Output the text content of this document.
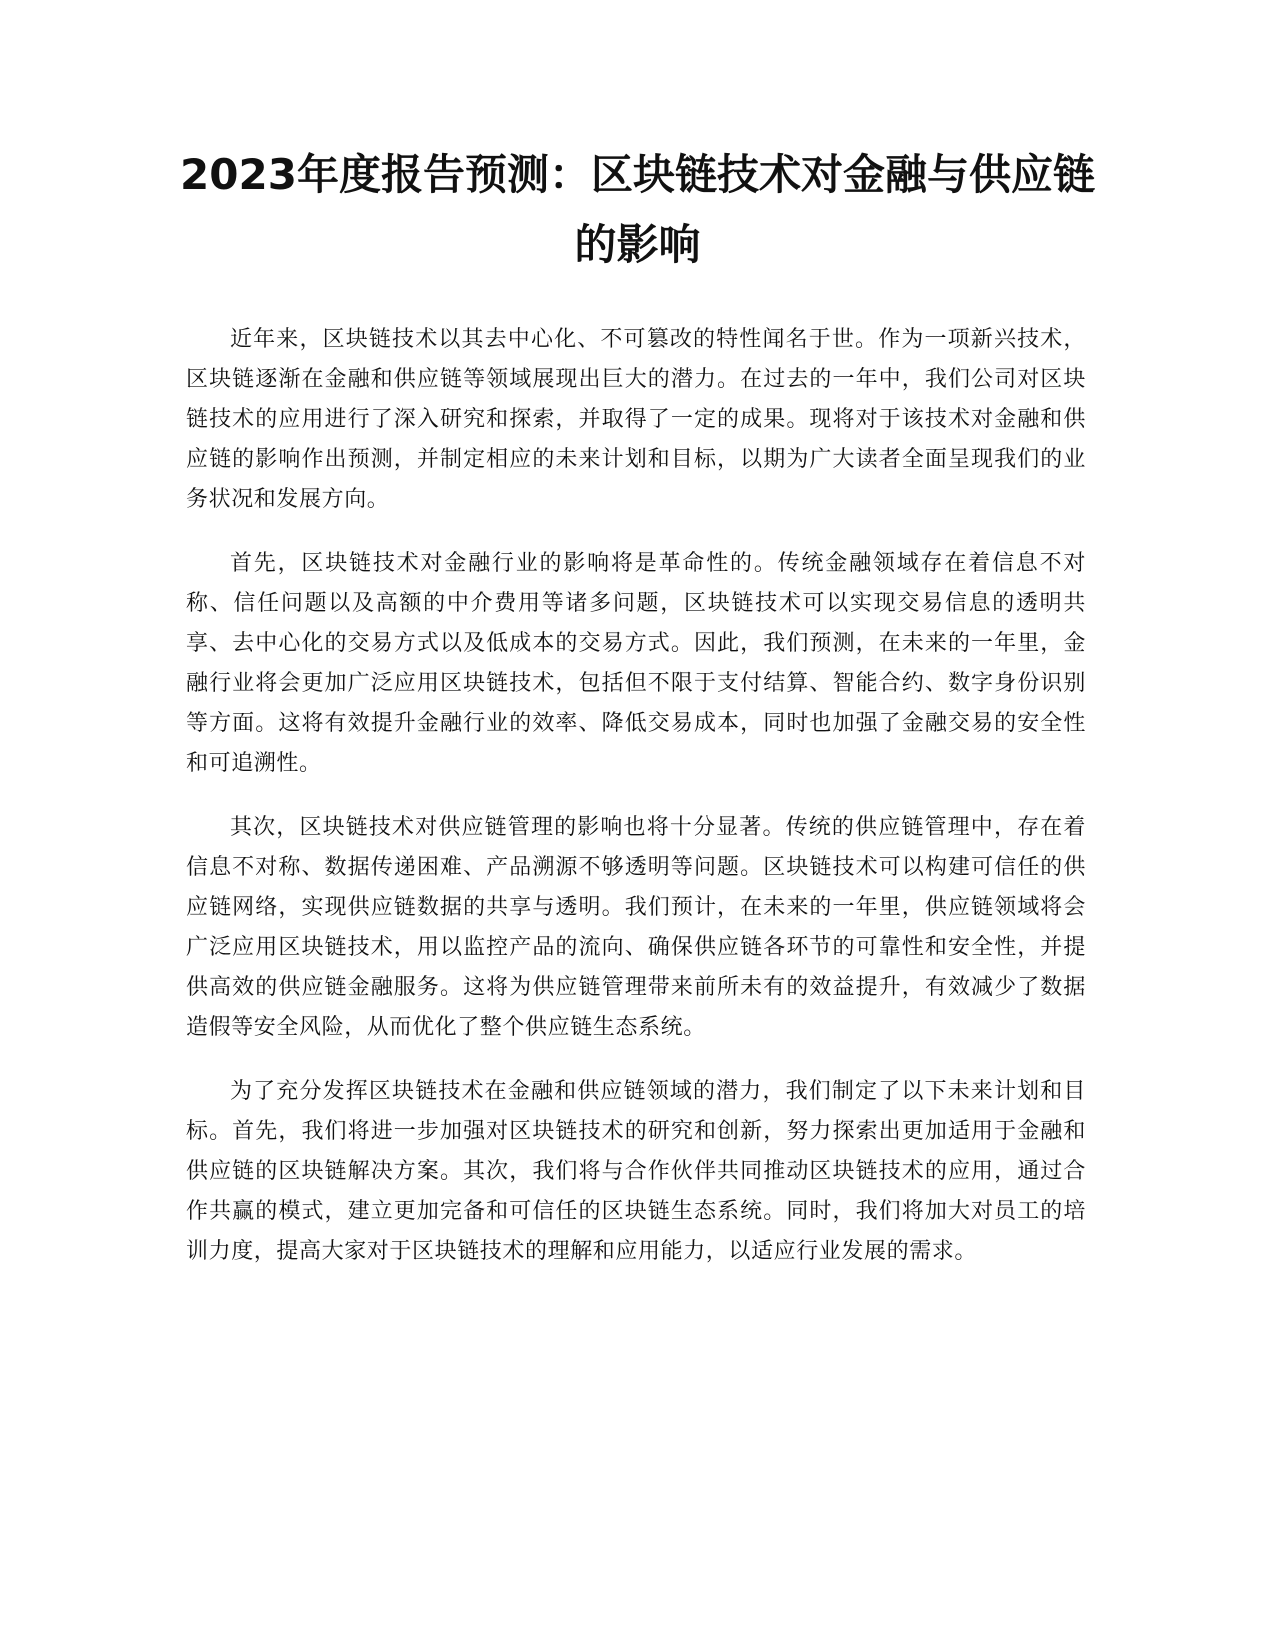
2023年度报告预测：区块链技术对金融与供应链的影响

近年来，区块链技术以其去中心化、不可篡改的特性闻名于世。作为一项新兴技术，区块链逐渐在金融和供应链等领域展现出巨大的潜力。在过去的一年中，我们公司对区块链技术的应用进行了深入研究和探索，并取得了一定的成果。现将对于该技术对金融和供应链的影响作出预测，并制定相应的未来计划和目标，以期为广大读者全面呈现我们的业务状况和发展方向。

首先，区块链技术对金融行业的影响将是革命性的。传统金融领域存在着信息不对称、信任问题以及高额的中介费用等诸多问题，区块链技术可以实现交易信息的透明共享、去中心化的交易方式以及低成本的交易方式。因此，我们预测，在未来的一年里，金融行业将会更加广泛应用区块链技术，包括但不限于支付结算、智能合约、数字身份识别等方面。这将有效提升金融行业的效率、降低交易成本，同时也加强了金融交易的安全性和可追溯性。

其次，区块链技术对供应链管理的影响也将十分显著。传统的供应链管理中，存在着信息不对称、数据传递困难、产品溯源不够透明等问题。区块链技术可以构建可信任的供应链网络，实现供应链数据的共享与透明。我们预计，在未来的一年里，供应链领域将会广泛应用区块链技术，用以监控产品的流向、确保供应链各环节的可靠性和安全性，并提供高效的供应链金融服务。这将为供应链管理带来前所未有的效益提升，有效减少了数据造假等安全风险，从而优化了整个供应链生态系统。

为了充分发挥区块链技术在金融和供应链领域的潜力，我们制定了以下未来计划和目标。首先，我们将进一步加强对区块链技术的研究和创新，努力探索出更加适用于金融和供应链的区块链解决方案。其次，我们将与合作伙伴共同推动区块链技术的应用，通过合作共赢的模式，建立更加完备和可信任的区块链生态系统。同时，我们将加大对员工的培训力度，提高大家对于区块链技术的理解和应用能力，以适应行业发展的需求。
